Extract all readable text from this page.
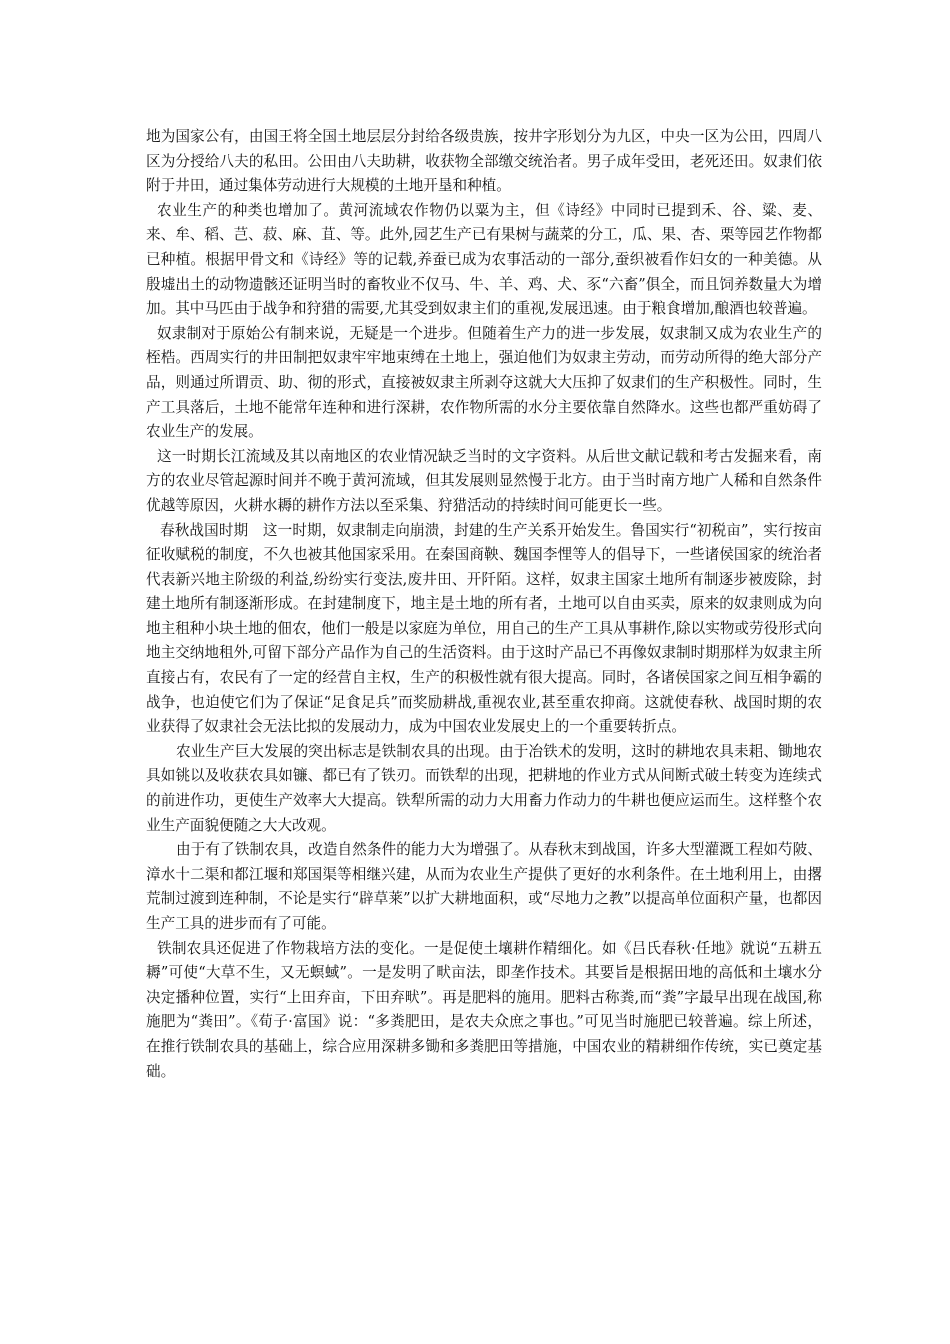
地为国家公有，由国王将全国土地层层分封给各级贵族，按井字形划分为九区，中央一区为公田，四周八区为分授给八夫的私田。公田由八夫助耕，收获物全部缴交统治者。男子成年受田，老死还田。奴隶们依附于井田，通过集体劳动进行大规模的土地开垦和种植。

农业生产的种类也增加了。黄河流域农作物仍以粟为主，但《诗经》中同时已提到禾、谷、粱、麦、来、牟、稻、芑、菽、麻、苴、等。此外,园艺生产已有果树与蔬菜的分工，瓜、果、杏、栗等园艺作物都已种植。根据甲骨文和《诗经》等的记载,养蚕已成为农事活动的一部分,蚕织被看作妇女的一种美德。从殷墟出土的动物遗骸还证明当时的畜牧业不仅马、牛、羊、鸡、犬、豕“六畜”俱全，而且饲养数量大为增加。其中马匹由于战争和狩猎的需要,尤其受到奴隶主们的重视,发展迅速。由于粮食增加,酿酒也较普遍。

奴隶制对于原始公有制来说，无疑是一个进步。但随着生产力的进一步发展，奴隶制又成为农业生产的桎梏。西周实行的井田制把奴隶牢牢地束缚在土地上，强迫他们为奴隶主劳动，而劳动所得的绝大部分产品，则通过所谓贡、助、彻的形式，直接被奴隶主所剥夺这就大大压抑了奴隶们的生产积极性。同时，生产工具落后，土地不能常年连种和进行深耕，农作物所需的水分主要依靠自然降水。这些也都严重妨碍了农业生产的发展。

这一时期长江流域及其以南地区的农业情况缺乏当时的文字资料。从后世文献记载和考古发掘来看，南方的农业尽管起源时间并不晚于黄河流域，但其发展则显然慢于北方。由于当时南方地广人稀和自然条件优越等原因，火耕水耨的耕作方法以至采集、狩猎活动的持续时间可能更长一些。

春秋战国时期　这一时期，奴隶制走向崩溃，封建的生产关系开始发生。鲁国实行“初税亩”，实行按亩征收赋税的制度，不久也被其他国家采用。在秦国商鞅、魏国李悝等人的倡导下，一些诸侯国家的统治者代表新兴地主阶级的利益,纷纷实行变法,废井田、开阡陌。这样，奴隶主国家土地所有制逐步被废除，封建土地所有制逐渐形成。在封建制度下，地主是土地的所有者，土地可以自由买卖，原来的奴隶则成为向地主租种小块土地的佃农，他们一般是以家庭为单位，用自己的生产工具从事耕作,除以实物或劳役形式向地主交纳地租外,可留下部分产品作为自己的生活资料。由于这时产品已不再像奴隶制时期那样为奴隶主所直接占有，农民有了一定的经营自主权，生产的积极性就有很大提高。同时，各诸侯国家之间互相争霸的战争，也迫使它们为了保证“足食足兵”而奖励耕战,重视农业,甚至重农抑商。这就使春秋、战国时期的农业获得了奴隶社会无法比拟的发展动力，成为中国农业发展史上的一个重要转折点。

农业生产巨大发展的突出标志是铁制农具的出现。由于冶铁术的发明，这时的耕地农具耒耜、锄地农具如铫以及收获农具如镰、都已有了铁刃。而铁犁的出现，把耕地的作业方式从间断式破土转变为连续式的前进作功，更使生产效率大大提高。铁犁所需的动力大用畜力作动力的牛耕也便应运而生。这样整个农业生产面貌便随之大大改观。

由于有了铁制农具，改造自然条件的能力大为增强了。从春秋末到战国，许多大型灌溉工程如芍陂、漳水十二渠和都江堰和郑国渠等相继兴建，从而为农业生产提供了更好的水利条件。在土地利用上，由撂荒制过渡到连种制，不论是实行“辟草莱”以扩大耕地面积，或“尽地力之教”以提高单位面积产量，也都因生产工具的进步而有了可能。

铁制农具还促进了作物栽培方法的变化。一是促使土壤耕作精细化。如《吕氏春秋·任地》就说“五耕五耨”可使“大草不生，又无螟蜮”。一是发明了畎亩法，即垄作技术。其要旨是根据田地的高低和土壤水分决定播种位置，实行“上田弃亩，下田弃畎”。再是肥料的施用。肥料古称粪,而“粪”字最早出现在战国,称施肥为“粪田”。《荀子·富国》说：“多粪肥田，是农夫众庶之事也。”可见当时施肥已较普遍。综上所述，在推行铁制农具的基础上，综合应用深耕多锄和多粪肥田等措施，中国农业的精耕细作传统，实已奠定基础。
